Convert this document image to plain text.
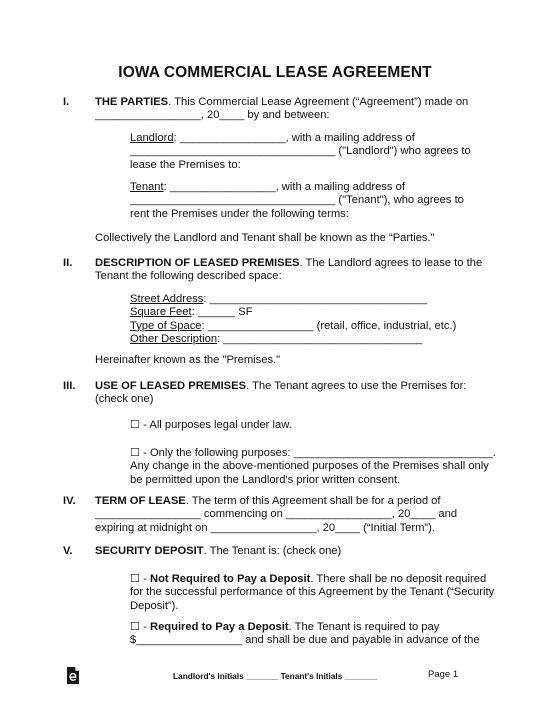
IOWA COMMERCIAL LEASE AGREEMENT
I. THE PARTIES. This Commercial Lease Agreement (“Agreement”) made on
_________________, 20____ by and between:
Landlord: _________________, with a mailing address of
_________________________________ ("Landlord") who agrees to
lease the Premises to:
Tenant: _________________, with a mailing address of
_________________________________ ("Tenant"), who agrees to
rent the Premises under the following terms:
Collectively the Landlord and Tenant shall be known as the “Parties.”
II. DESCRIPTION OF LEASED PREMISES. The Landlord agrees to lease to the
Tenant the following described space:
Street Address: ___________________________________
Square Feet: ______ SF
Type of Space: _________________ (retail, office, industrial, etc.)
Other Description: ________________________________
Hereinafter known as the "Premises."
III. USE OF LEASED PREMISES. The Tenant agrees to use the Premises for:
(check one)
☐ - All purposes legal under law.
☐ - Only the following purposes: ________________________________.
Any change in the above-mentioned purposes of the Premises shall only
be permitted upon the Landlord's prior written consent.
IV. TERM OF LEASE. The term of this Agreement shall be for a period of
_________________ commencing on _________________, 20____ and
expiring at midnight on _________________, 20____ (“Initial Term”).
V. SECURITY DEPOSIT. The Tenant is: (check one)
☐ - Not Required to Pay a Deposit. There shall be no deposit required
for the successful performance of this Agreement by the Tenant (“Security
Deposit”).
☐ - Required to Pay a Deposit. The Tenant is required to pay
$_________________ and shall be due and payable in advance of the
Landlord's Initials _______ Tenant's Initials _______	Page 1
